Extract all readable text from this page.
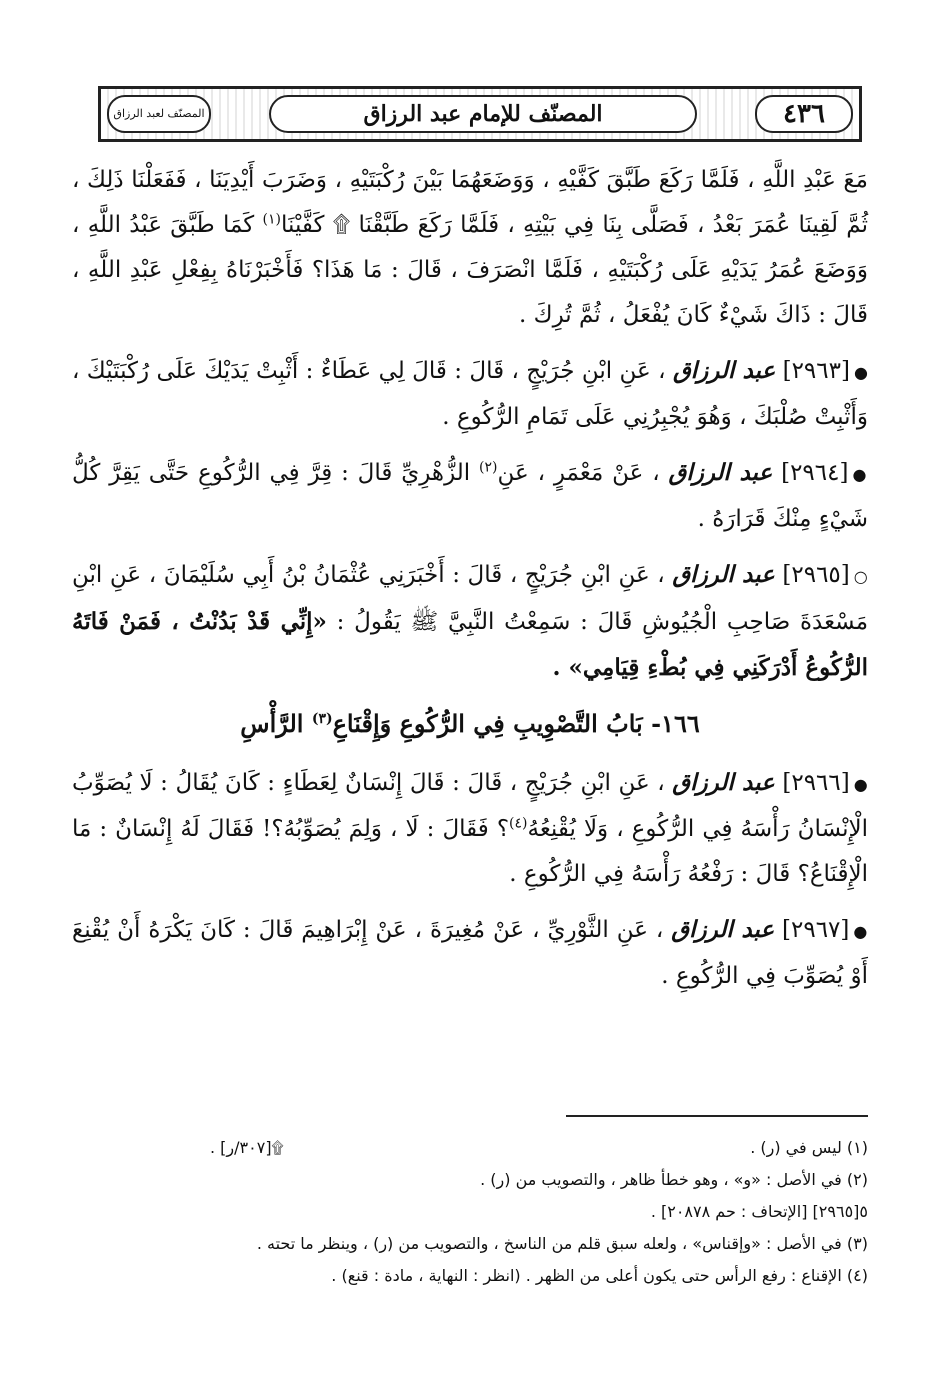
المصنّف لعبد الرزاق	المصنّف للإمام عبد الرزاق	٤٣٦

مَعَ عَبْدِ اللَّهِ ، فَلَمَّا رَكَعَ طَبَّقَ كَفَّيْهِ ، وَوَضَعَهُمَا بَيْنَ رُكْبَتَيْهِ ، وَضَرَبَ أَيْدِيَنَا ، فَفَعَلْنَا ذَلِكَ ، ثُمَّ لَقِينَا عُمَرَ بَعْدُ ، فَصَلَّى بِنَا فِي بَيْتِهِ ، فَلَمَّا رَكَعَ طَبَّقْنَا ۩ كَفَّيْنَا$^{(١)}$ كَمَا طَبَّقَ عَبْدُ اللَّهِ ، وَوَضَعَ عُمَرُ يَدَيْهِ عَلَى رُكْبَتَيْهِ ، فَلَمَّا انْصَرَفَ ، قَالَ : مَا هَذَا؟ فَأَخْبَرْنَاهُ بِفِعْلِ عَبْدِ اللَّهِ ، قَالَ : ذَاكَ شَيْءٌ كَانَ يُفْعَلُ ، ثُمَّ تُرِكَ .

●[٢٩٦٣] عبد الرزاق ، عَنِ ابْنِ جُرَيْجٍ ، قَالَ : قَالَ لِي عَطَاءٌ : أَثْبِتْ يَدَيْكَ عَلَى رُكْبَتَيْكَ ، وَأَثْبِتْ صُلْبَكَ ، وَهُوَ يُجْبِرُنِي عَلَى تَمَامِ الرُّكُوعِ .

●[٢٩٦٤] عبد الرزاق ، عَنْ مَعْمَرٍ ، عَنِ$^{(٢)}$ الزُّهْرِيِّ قَالَ : قِرَّ فِي الرُّكُوعِ حَتَّى يَقِرَّ كُلُّ شَيْءٍ مِنْكَ قَرَارَهُ .

○[٢٩٦٥] عبد الرزاق ، عَنِ ابْنِ جُرَيْجٍ ، قَالَ : أَخْبَرَنِي عُثْمَانُ بْنُ أَبِي سُلَيْمَانَ ، عَنِ ابْنِ مَسْعَدَةَ صَاحِبِ الْجُيُوشِ قَالَ : سَمِعْتُ النَّبِيَّ ﷺ يَقُولُ : «إِنِّي قَدْ بَدُنْتُ ، فَمَنْ فَاتَهُ الرُّكُوعُ أَدْرَكَنِي فِي بُطْءِ قِيَامِي» .

١٦٦- بَابُ التَّصْوِيبِ فِي الرُّكُوعِ وَإِقْنَاعِ$^{(٣)}$ الرَّأْسِ

●[٢٩٦٦] عبد الرزاق ، عَنِ ابْنِ جُرَيْجٍ ، قَالَ : قَالَ إِنْسَانٌ لِعَطَاءٍ : كَانَ يُقَالُ : لَا يُصَوِّبُ الْإِنْسَانُ رَأْسَهُ فِي الرُّكُوعِ ، وَلَا يُقْنِعُهُ$^{(٤)}$؟ فَقَالَ : لَا ، وَلِمَ يُصَوِّبُهُ؟! فَقَالَ لَهُ إِنْسَانٌ : مَا الْإِقْنَاعُ؟ قَالَ : رَفْعُهُ رَأْسَهُ فِي الرُّكُوعِ .

●[٢٩٦٧] عبد الرزاق ، عَنِ الثَّوْرِيِّ ، عَنْ مُغِيرَةَ ، عَنْ إِبْرَاهِيمَ قَالَ : كَانَ يَكْرَهُ أَنْ يُقْنِعَ أَوْ يُصَوِّبَ فِي الرُّكُوعِ .

(١) ليس في (ر) .
۩[٣٠٧/ر] .
(٢) في الأصل : «و» ، وهو خطأ ظاهر ، والتصويب من (ر) .
٥[٢٩٦٥] [الإتحاف : حم ٢٠٨٧٨] .
(٣) في الأصل : «وإقناس» ، ولعله سبق قلم من الناسخ ، والتصويب من (ر) ، وينظر ما تحته .
(٤) الإقناع : رفع الرأس حتى يكون أعلى من الظهر . (انظر : النهاية ، مادة : قنع) .
